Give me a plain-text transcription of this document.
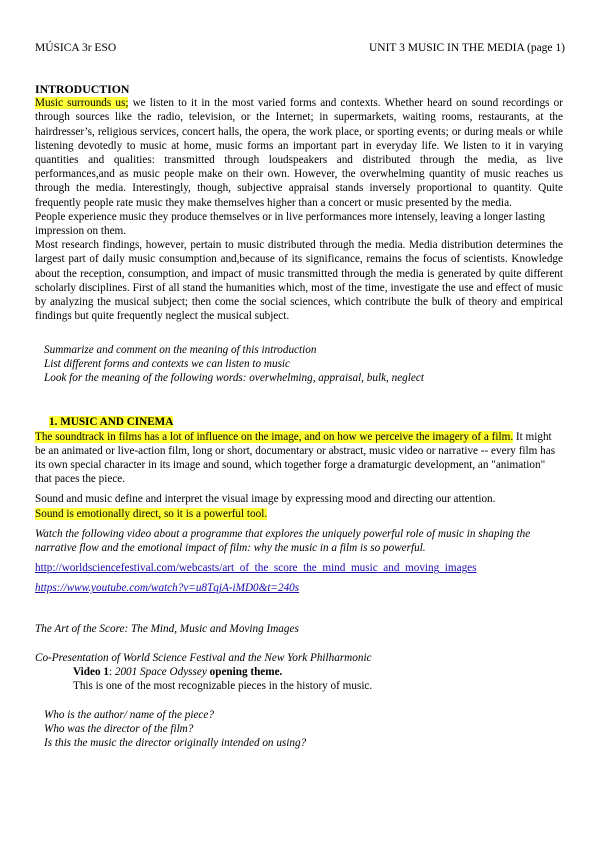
MÚSICA 3r ESO	UNIT 3 MUSIC IN THE MEDIA (page 1)

INTRODUCTION

Music surrounds us; we listen to it in the most varied forms and contexts. Whether heard on sound recordings or through sources like the radio, television, or the Internet; in supermarkets, waiting rooms, restaurants, at the hairdresser’s, religious services, concert halls, the opera, the work place, or sporting events; or during meals or while listening devotedly to music at home, music forms an important part in everyday life. We listen to it in varying quantities and qualities: transmitted through loudspeakers and distributed through the media, as live performances,and as music people make on their own. However, the overwhelming quantity of music reaches us through the media. Interestingly, though, subjective appraisal stands inversely proportional to quantity. Quite frequently people rate music they make themselves higher than a concert or music presented by the media.

People experience music they produce themselves or in live performances more intensely, leaving a longer lasting impression on them.

Most research findings, however, pertain to music distributed through the media. Media distribution determines the largest part of daily music consumption and,because of its significance, remains the focus of scientists. Knowledge about the reception, consumption, and impact of music transmitted through the media is generated by quite different scholarly disciplines. First of all stand the humanities which, most of the time, investigate the use and effect of music by analyzing the musical subject; then come the social sciences, which contribute the bulk of theory and empirical findings but quite frequently neglect the musical subject.

Summarize and comment on the meaning of this introduction

List different forms and contexts we can listen to music

Look for the meaning of the following words: overwhelming, appraisal, bulk, neglect

1. MUSIC AND CINEMA

The soundtrack in films has a lot of influence on the image, and on how we perceive the imagery of a film. It might be an animated or live-action film, long or short, documentary or abstract, music video or narrative -- every film has its own special character in its image and sound, which together forge a dramaturgic development, an "animation" that paces the piece.

Sound and music define and interpret the visual image by expressing mood and directing our attention.

Sound is emotionally direct, so it is a powerful tool.

Watch the following video about a programme that explores the uniquely powerful role of music in shaping the narrative flow and the emotional impact of film: why the music in a film is so powerful.

http://worldsciencefestival.com/webcasts/art_of_the_score_the_mind_music_and_moving_images

https://www.youtube.com/watch?v=u8TqjA-iMD0&t=240s

The Art of the Score: The Mind, Music and Moving Images

Co-Presentation of World Science Festival and the New York Philharmonic

Video 1: 2001 Space Odyssey opening theme.

This is one of the most recognizable pieces in the history of music.

Who is the author/ name of the piece?

Who was the director of the film?

Is this the music the director originally intended on using?
